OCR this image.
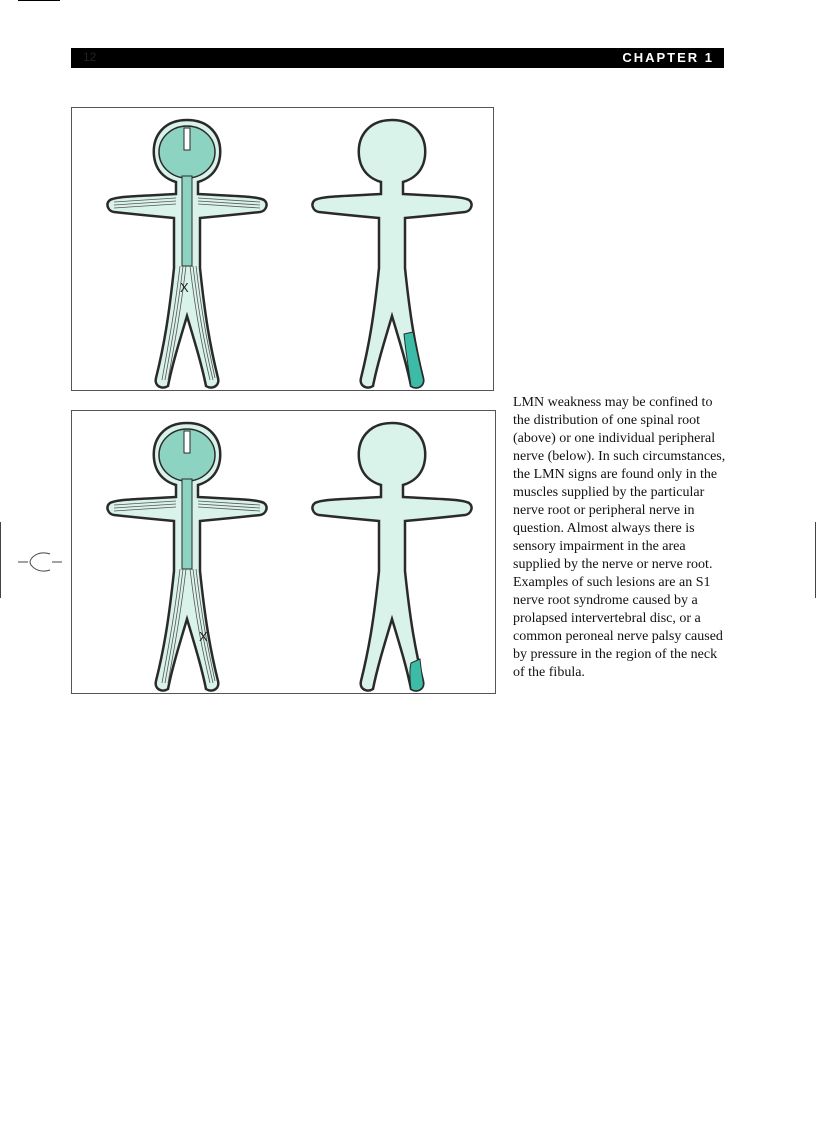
12	CHAPTER 1
X
X

LMN weakness may be confined to the distribution of one spinal root (above) or one individual peripheral nerve (below). In such circumstances, the LMN signs are found only in the muscles supplied by the particular nerve root or peripheral nerve in question. Almost always there is sensory impairment in the area supplied by the nerve or nerve root. Examples of such lesions are an S1 nerve root syndrome caused by a prolapsed intervertebral disc, or a common peroneal nerve palsy caused by pressure in the region of the neck of the fibula.
